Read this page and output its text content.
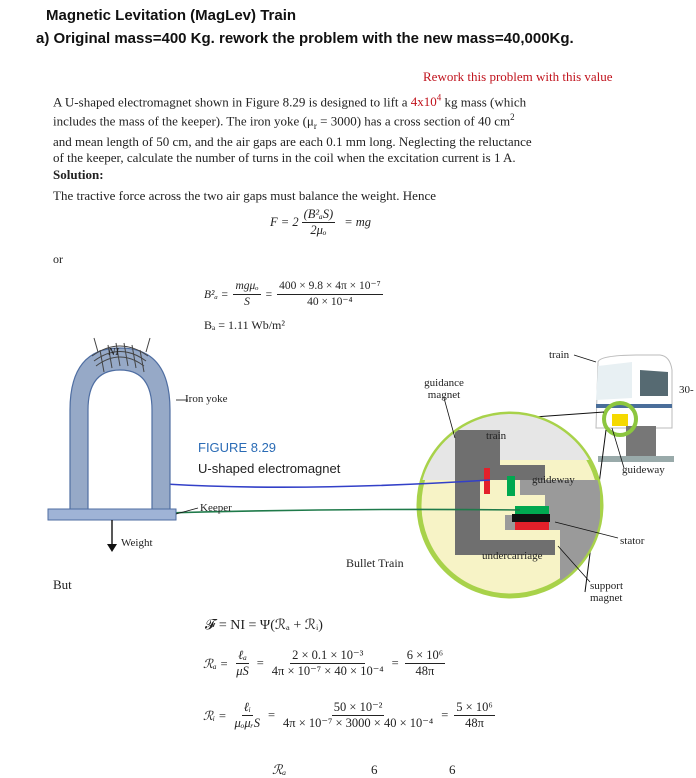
Magnetic Levitation (MagLev) Train
a) Original mass=400 Kg. rework the problem with the new mass=40,000Kg.
Rework this problem with this value
A U-shaped electromagnet shown in Figure 8.29 is designed to lift a $4x10^4$ kg mass (which
includes the mass of the keeper). The iron yoke $(\mu_r = 3000)$ has a cross section of 40 $cm^2$
and mean length of 50 cm, and the air gaps are each 0.1 mm long. Neglecting the reluctance
of the keeper, calculate the number of turns in the coil when the excitation current is 1 A.
Solution:
The tractive force across the two air gaps must balance the weight. Hence
$F = 2 \frac{\text{(B²ₐS)}}{\text{2μₒ}}$ = mg
or
$B^2_a = \frac{\text{mgμₒ}}{S} = \frac{\text{400 × 9.8 × 4π × 10⁻⁷}}{\text{40 × 10⁻⁴}}$
Bₐ = 1.11 Wb/m²
NI
Iron yoke
FIGURE 8.29
U-shaped electromagnet
Keeper
Weight
Bullet Train
train
guidance magnet
train
guideway
guideway
undercarriage
stator
support magnet
30-
But
𝓕 = NI = Ψ(ℛₐ + ℛᵢ)
ℛₐ = $\frac{\text{ℓₐ}}{\mu S} = \frac{\text{2 × 0.1 × 10⁻³}}{\text{4π × 10⁻⁷ × 40 × 10⁻⁴}} = \frac{\text{6 × 10⁶}}{48\pi}$
ℛᵢ = $\frac{\text{ℓᵢ}}{\text{μₒμᵣS}} = \frac{\text{50 × 10⁻²}}{\text{4π × 10⁻⁷ × 3000 × 40 × 10⁻⁴}} = \frac{\text{5 × 10⁶}}{48\pi}$
ℛₐ	6	6
